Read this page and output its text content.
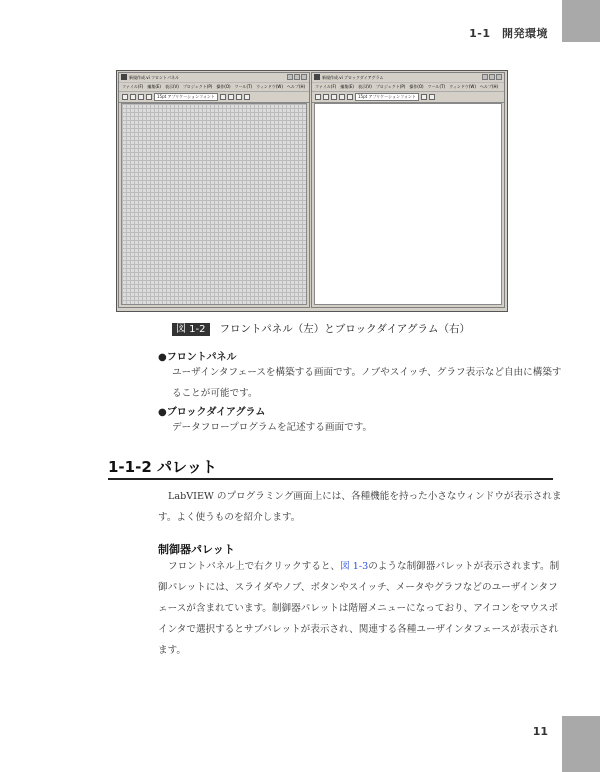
1-1　開発環境
新規作成.vi フロントパネル
ファイル(F) 編集(E) 表示(V) プロジェクト(P) 操作(O) ツール(T) ウィンドウ(W) ヘルプ(H)
15pt アプリケーションフォント
新規作成.vi ブロックダイアグラム
ファイル(F) 編集(E) 表示(V) プロジェクト(P) 操作(O) ツール(T) ウィンドウ(W) ヘルプ(H)
15pt アプリケーションフォント
図 1-2 フロントパネル（左）とブロックダイアグラム（右）
●フロントパネル
ユーザインタフェースを構築する画面です。ノブやスイッチ、グラフ表示など自由に構築することが可能です。
●ブロックダイアグラム
データフロープログラムを記述する画面です。
1-1-2 パレット
LabVIEW のプログラミング画面上には、各種機能を持った小さなウィンドウが表示されます。よく使うものを紹介します。
制御器パレット
フロントパネル上で右クリックすると、図 1-3のような制御器パレットが表示されます。制御パレットには、スライダやノブ、ボタンやスイッチ、メータやグラフなどのユーザインタフェースが含まれています。制御器パレットは階層メニューになっており、アイコンをマウスポインタで選択するとサブパレットが表示され、関連する各種ユーザインタフェースが表示されます。
11
